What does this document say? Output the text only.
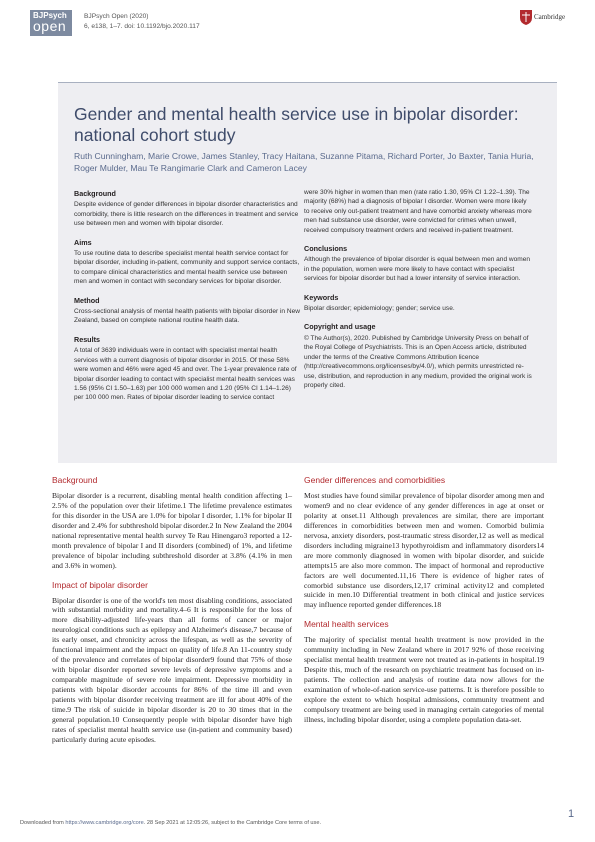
BJPsych
open
BJPsych Open (2020)
6, e138, 1–7. doi: 10.1192/bjo.2020.117
Cambridge
Gender and mental health service use in bipolar disorder: national cohort study
Ruth Cunningham, Marie Crowe, James Stanley, Tracy Haitana, Suzanne Pitama, Richard Porter, Jo Baxter, Tania Huria, Roger Mulder, Mau Te Rangimarie Clark and Cameron Lacey
Background

Despite evidence of gender differences in bipolar disorder characteristics and comorbidity, there is little research on the differences in treatment and service use between men and women with bipolar disorder.

Aims

To use routine data to describe specialist mental health service contact for bipolar disorder, including in-patient, community and support service contacts, to compare clinical characteristics and mental health service use between men and women in contact with secondary services for bipolar disorder.

Method

Cross-sectional analysis of mental health patients with bipolar disorder in New Zealand, based on complete national routine health data.

Results

A total of 3639 individuals were in contact with specialist mental health services with a current diagnosis of bipolar disorder in 2015. Of these 58% were women and 46% were aged 45 and over. The 1-year prevalence rate of bipolar disorder leading to contact with specialist mental health services was 1.56 (95% CI 1.50–1.63) per 100 000 women and 1.20 (95% CI 1.14–1.26) per 100 000 men. Rates of bipolar disorder leading to service contact

were 30% higher in women than men (rate ratio 1.30, 95% CI 1.22–1.39). The majority (68%) had a diagnosis of bipolar I disorder. Women were more likely to receive only out-patient treatment and have comorbid anxiety whereas more men had substance use disorder, were convicted for crimes when unwell, received compulsory treatment orders and received in-patient treatment.

Conclusions

Although the prevalence of bipolar disorder is equal between men and women in the population, women were more likely to have contact with specialist services for bipolar disorder but had a lower intensity of service interaction.

Keywords

Bipolar disorder; epidemiology; gender; service use.

Copyright and usage

© The Author(s), 2020. Published by Cambridge University Press on behalf of the Royal College of Psychiatrists. This is an Open Access article, distributed under the terms of the Creative Commons Attribution licence (http://creativecommons.org/licenses/by/4.0/), which permits unrestricted re-use, distribution, and reproduction in any medium, provided the original work is properly cited.

Background

Bipolar disorder is a recurrent, disabling mental health condition affecting 1–2.5% of the population over their lifetime.1 The lifetime prevalence estimates for this disorder in the USA are 1.0% for bipolar I disorder, 1.1% for bipolar II disorder and 2.4% for subthreshold bipolar disorder.2 In New Zealand the 2004 national representative mental health survey Te Rau Hinengaro3 reported a 12-month prevalence of bipolar I and II disorders (combined) of 1%, and lifetime prevalence of bipolar including subthreshold disorder at 3.8% (4.1% in men and 3.6% in women).

Impact of bipolar disorder

Bipolar disorder is one of the world's ten most disabling conditions, associated with substantial morbidity and mortality.4–6 It is responsible for the loss of more disability-adjusted life-years than all forms of cancer or major neurological conditions such as epilepsy and Alzheimer's disease,7 because of its early onset, and chronicity across the lifespan, as well as the severity of functional impairment and the impact on quality of life.8 An 11-country study of the prevalence and correlates of bipolar disorder9 found that 75% of those with bipolar disorder reported severe levels of depressive symptoms and a comparable magnitude of severe role impairment. Depressive morbidity in patients with bipolar disorder accounts for 86% of the time ill and even patients with bipolar disorder receiving treatment are ill for about 40% of the time.9 The risk of suicide in bipolar disorder is 20 to 30 times that in the general population.10 Consequently people with bipolar disorder have high rates of specialist mental health service use (in-patient and community based) particularly during acute episodes.

Gender differences and comorbidities

Most studies have found similar prevalence of bipolar disorder among men and women9 and no clear evidence of any gender differences in age at onset or polarity at onset.11 Although prevalences are similar, there are important differences in comorbidities between men and women. Comorbid bulimia nervosa, anxiety disorders, post-traumatic stress disorder,12 as well as medical disorders including migraine13 hypothyroidism and inflammatory disorders14 are more commonly diagnosed in women with bipolar disorder, and suicide attempts15 are also more common. The impact of hormonal and reproductive factors are well documented.11,16 There is evidence of higher rates of comorbid substance use disorders,12,17 criminal activity12 and completed suicide in men.10 Differential treatment in both clinical and justice services may influence reported gender differences.18

Mental health services

The majority of specialist mental health treatment is now provided in the community including in New Zealand where in 2017 92% of those receiving specialist mental health treatment were not treated as in-patients in hospital.19 Despite this, much of the research on psychiatric treatment has focused on in-patients. The collection and analysis of routine data now allows for the examination of whole-of-nation service-use patterns. It is therefore possible to explore the extent to which hospital admissions, community treatment and compulsory treatment are being used in managing certain categories of mental illness, including bipolar disorder, using a complete population data-set.

1
Downloaded from https://www.cambridge.org/core. 28 Sep 2021 at 12:05:26, subject to the Cambridge Core terms of use.
